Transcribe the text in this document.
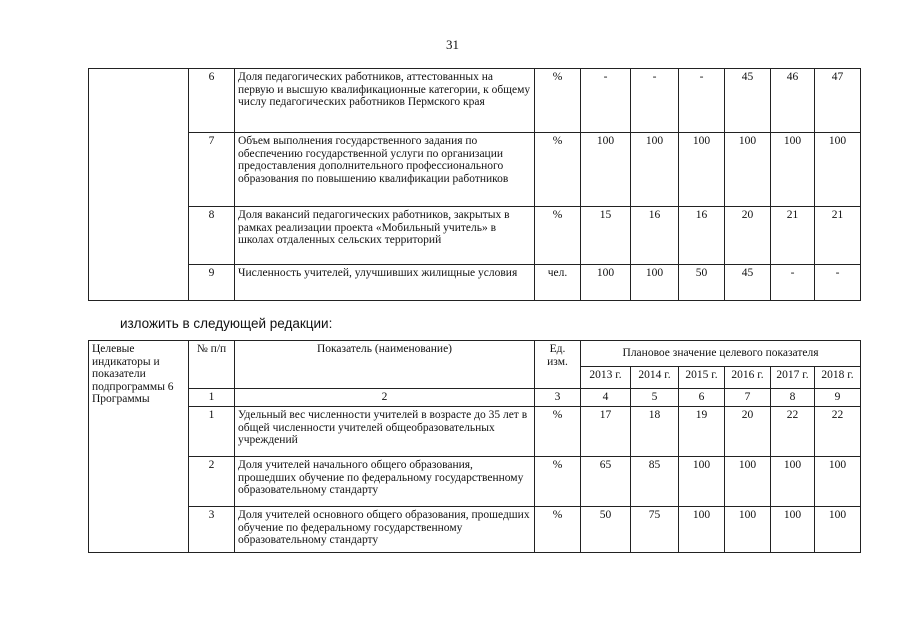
31
	6	Доля педагогических работников, аттестованных на первую и высшую квалификационные категории, к общему числу педагогических работников Пермского края	%	-	-	-	45	46	47
	7	Объем выполнения государственного задания по обеспечению государственной услуги по организации предоставления дополнительного профессионального образования по повышению квалификации работников	%	100	100	100	100	100	100
	8	Доля вакансий педагогических работников, закрытых в рамках реализации проекта «Мобильный учитель» в школах отдаленных сельских территорий	%	15	16	16	20	21	21
	9	Численность учителей, улучшивших жилищные условия	чел.	100	100	50	45	-	-
изложить в следующей редакции:
Целевые индикаторы и показатели подпрограммы 6 Программы	№ п/п	Показатель (наименование)	Ед. изм.	Плановое значение целевого показателя					
				2013 г.	2014 г.	2015 г.	2016 г.	2017 г.	2018 г.
	1	2	3	4	5	6	7	8	9
	1	Удельный вес численности учителей в возрасте до 35 лет в общей численности учителей общеобразовательных учреждений	%	17	18	19	20	22	22
	2	Доля учителей начального общего образования, прошедших обучение по федеральному государственному образовательному стандарту	%	65	85	100	100	100	100
	3	Доля учителей основного общего образования, прошедших обучение по федеральному государственному образовательному стандарту	%	50	75	100	100	100	100
